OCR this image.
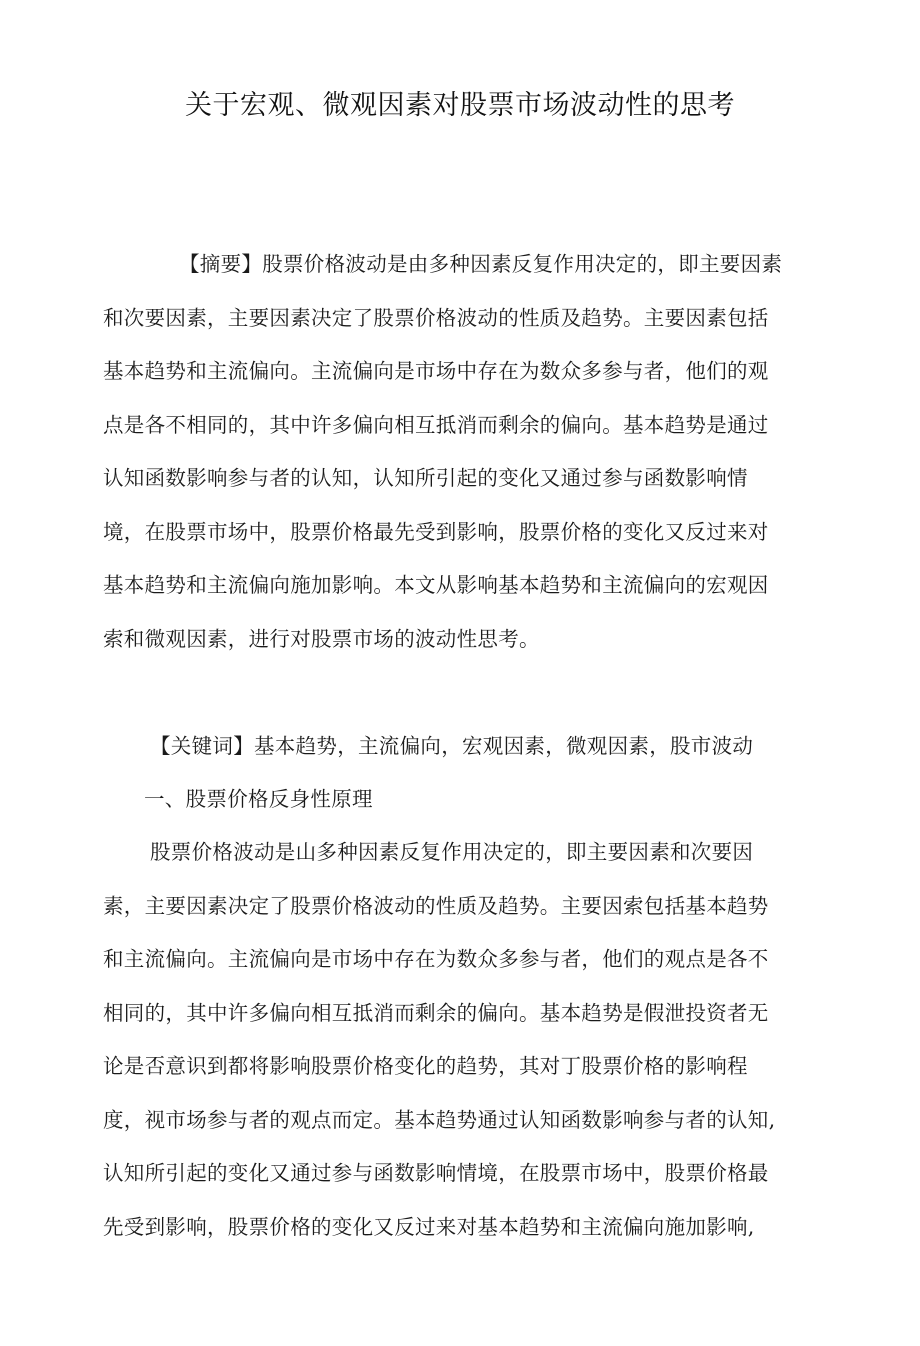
关于宏观、微观因素对股票市场波动性的思考
【摘要】股票价格波动是由多种因素反复作用决定的，即主要因素
和次要因素，主要因素决定了股票价格波动的性质及趋势。主要因素包括
基本趋势和主流偏向。主流偏向是市场中存在为数众多参与者，他们的观
点是各不相同的，其中许多偏向相互抵消而剩余的偏向。基本趋势是通过
认知函数影响参与者的认知，认知所引起的变化又通过参与函数影响情
境，在股票市场中，股票价格最先受到影响，股票价格的变化又反过来对
基本趋势和主流偏向施加影响。本文从影响基本趋势和主流偏向的宏观因
索和微观因素，进行对股票市场的波动性思考。
【关键词】基本趋势，主流偏向，宏观因素，微观因素，股市波动
一、股票价格反身性原理
股票价格波动是山多种因素反复作用决定的，即主要因素和次要因
素，主要因素决定了股票价格波动的性质及趋势。主要因索包括基本趋势
和主流偏向。主流偏向是市场中存在为数众多参与者，他们的观点是各不
相同的，其中许多偏向相互抵消而剩余的偏向。基本趋势是假泄投资者无
论是否意识到都将影响股票价格变化的趋势，其对丁股票价格的影响程
度，视市场参与者的观点而定。基本趋势通过认知函数影响参与者的认知,
认知所引起的变化又通过参与函数影响情境，在股票市场中，股票价格最
先受到影响，股票价格的变化又反过来对基本趋势和主流偏向施加影响,
